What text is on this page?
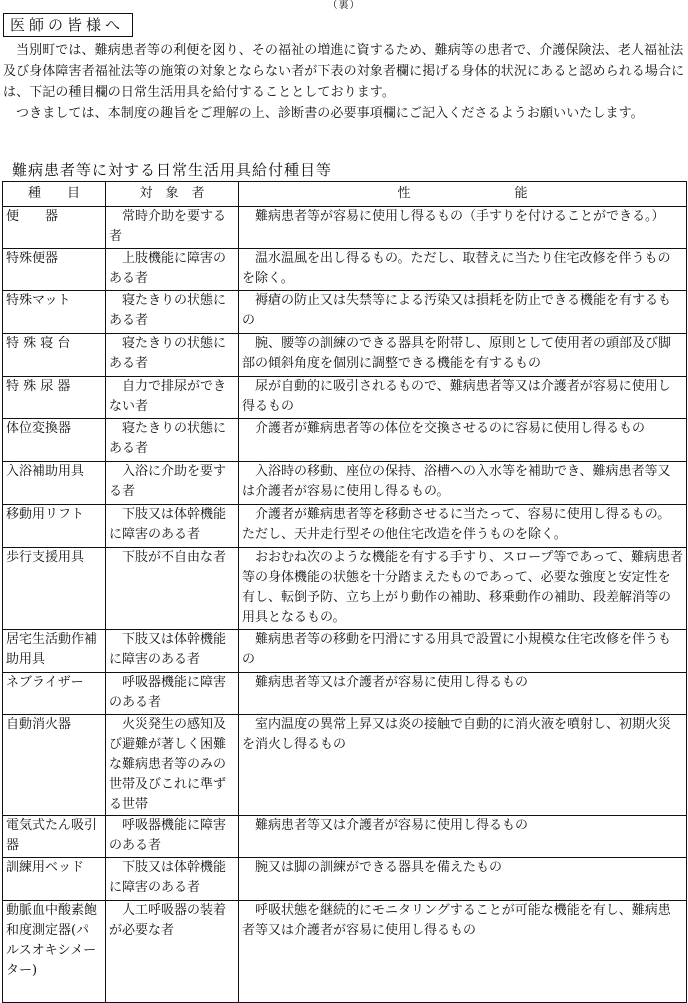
（裏）
医師の皆様へ

当別町では、難病患者等の利便を図り、その福祉の増進に資するため、難病等の患者で、介護保険法、老人福祉法及び身体障害者福祉法等の施策の対象とならない者が下表の対象者欄に掲げる身体的状況にあると認められる場合には、下記の種目欄の日常生活用具を給付することとしております。

つきましては、本制度の趣旨をご理解の上、診断書の必要事項欄にご記入くださるようお願いいたします。

難病患者等に対する日常生活用具給付種目等
種　　目	対　象　者	性　　　　　　　　能
便　　器	常時介助を要する者	難病患者等が容易に使用し得るもの（手すりを付けることができる。）
特殊便器	上肢機能に障害のある者	温水温風を出し得るもの。ただし、取替えに当たり住宅改修を伴うものを除く。
特殊マット	寝たきりの状態にある者	褥瘡の防止又は失禁等による汚染又は損耗を防止できる機能を有するもの
特 殊 寝 台	寝たきりの状態にある者	腕、腰等の訓練のできる器具を附帯し、原則として使用者の頭部及び脚部の傾斜角度を個別に調整できる機能を有するもの
特 殊 尿 器	自力で排尿ができない者	尿が自動的に吸引されるもので、難病患者等又は介護者が容易に使用し得るもの
体位変換器	寝たきりの状態にある者	介護者が難病患者等の体位を交換させるのに容易に使用し得るもの
入浴補助用具	入浴に介助を要する者	入浴時の移動、座位の保持、浴槽への入水等を補助でき、難病患者等又は介護者が容易に使用し得るもの。
移動用リフト	下肢又は体幹機能に障害のある者	介護者が難病患者等を移動させるに当たって、容易に使用し得るもの。ただし、天井走行型その他住宅改造を伴うものを除く。
歩行支援用具	下肢が不自由な者	おおむね次のような機能を有する手すり、スロープ等であって、難病患者等の身体機能の状態を十分踏まえたものであって、必要な強度と安定性を有し、転倒予防、立ち上がり動作の補助、移乗動作の補助、段差解消等の用具となるもの。
居宅生活動作補助用具	下肢又は体幹機能に障害のある者	難病患者等の移動を円滑にする用具で設置に小規模な住宅改修を伴うもの
ネブライザー	呼吸器機能に障害のある者	難病患者等又は介護者が容易に使用し得るもの
自動消火器	火災発生の感知及び避難が著しく困難な難病患者等のみの世帯及びこれに準ずる世帯	室内温度の異常上昇又は炎の接触で自動的に消火液を噴射し、初期火災を消火し得るもの
電気式たん吸引器	呼吸器機能に障害のある者	難病患者等又は介護者が容易に使用し得るもの
訓練用ベッド	下肢又は体幹機能に障害のある者	腕又は脚の訓練ができる器具を備えたもの
動脈血中酸素飽和度測定器(パルスオキシメーター)	人工呼吸器の装着が必要な者	呼吸状態を継続的にモニタリングすることが可能な機能を有し、難病患者等又は介護者が容易に使用し得るもの
